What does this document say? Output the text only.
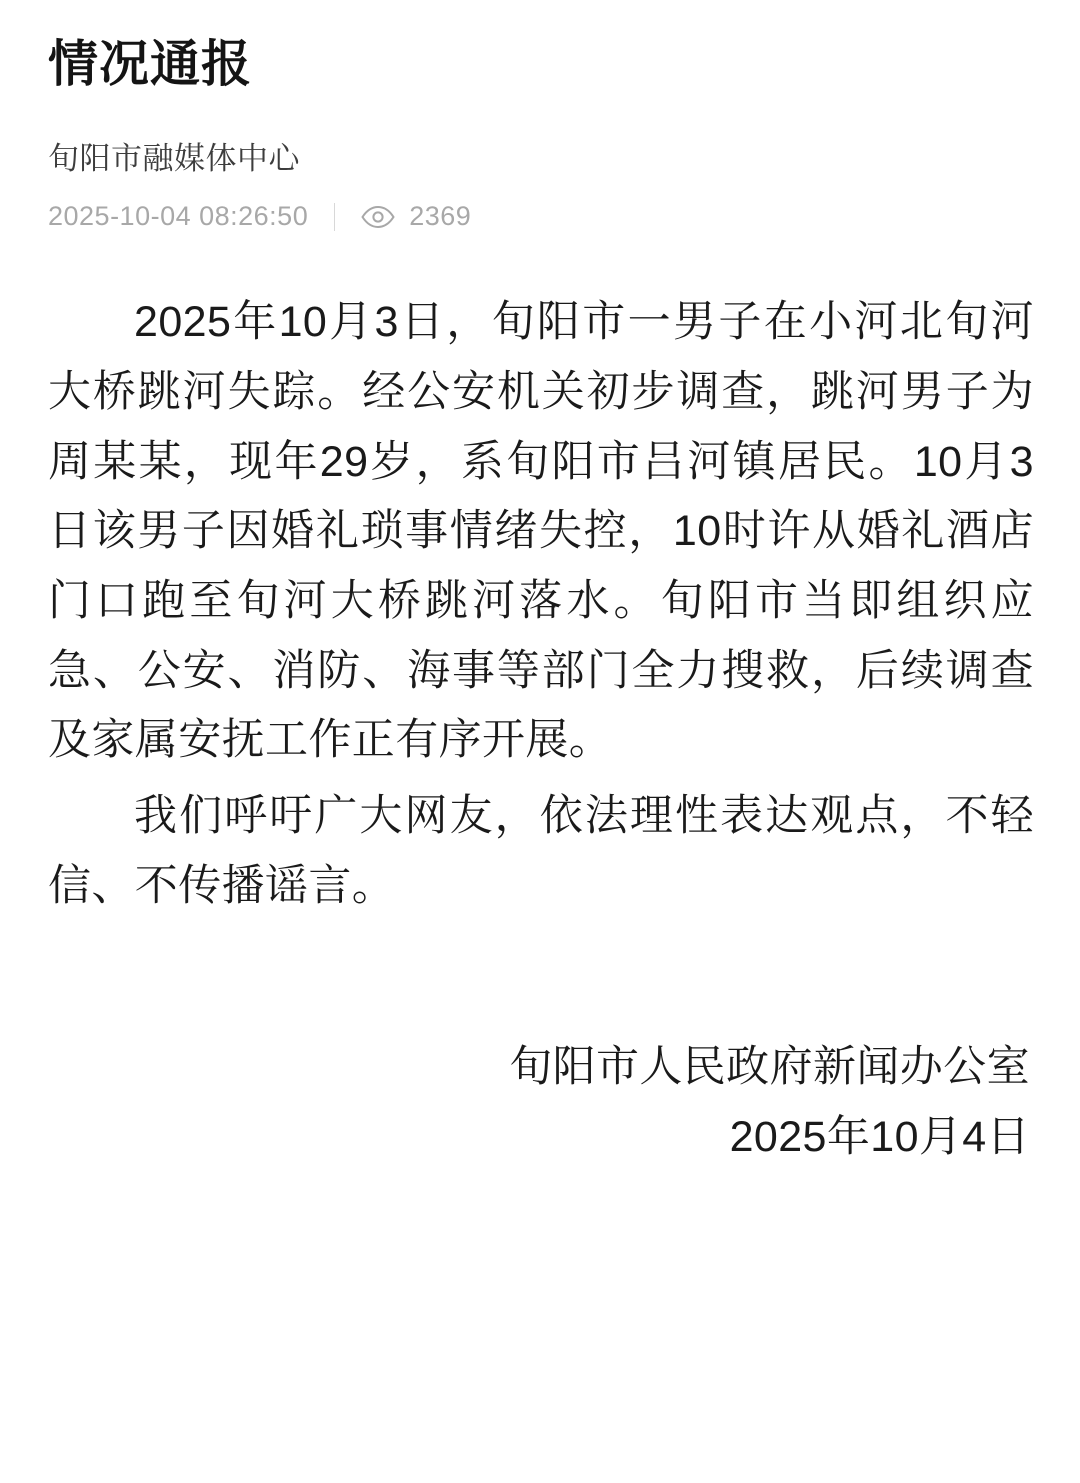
情况通报
旬阳市融媒体中心
2025-10-04 08:26:50	2369

2025年10月3日，旬阳市一男子在小河北旬河大桥跳河失踪。经公安机关初步调查，跳河男子为周某某，现年29岁，系旬阳市吕河镇居民。10月3日该男子因婚礼琐事情绪失控，10时许从婚礼酒店门口跑至旬河大桥跳河落水。旬阳市当即组织应急、公安、消防、海事等部门全力搜救，后续调查及家属安抚工作正有序开展。

我们呼吁广大网友，依法理性表达观点，不轻信、不传播谣言。

旬阳市人民政府新闻办公室
2025年10月4日
